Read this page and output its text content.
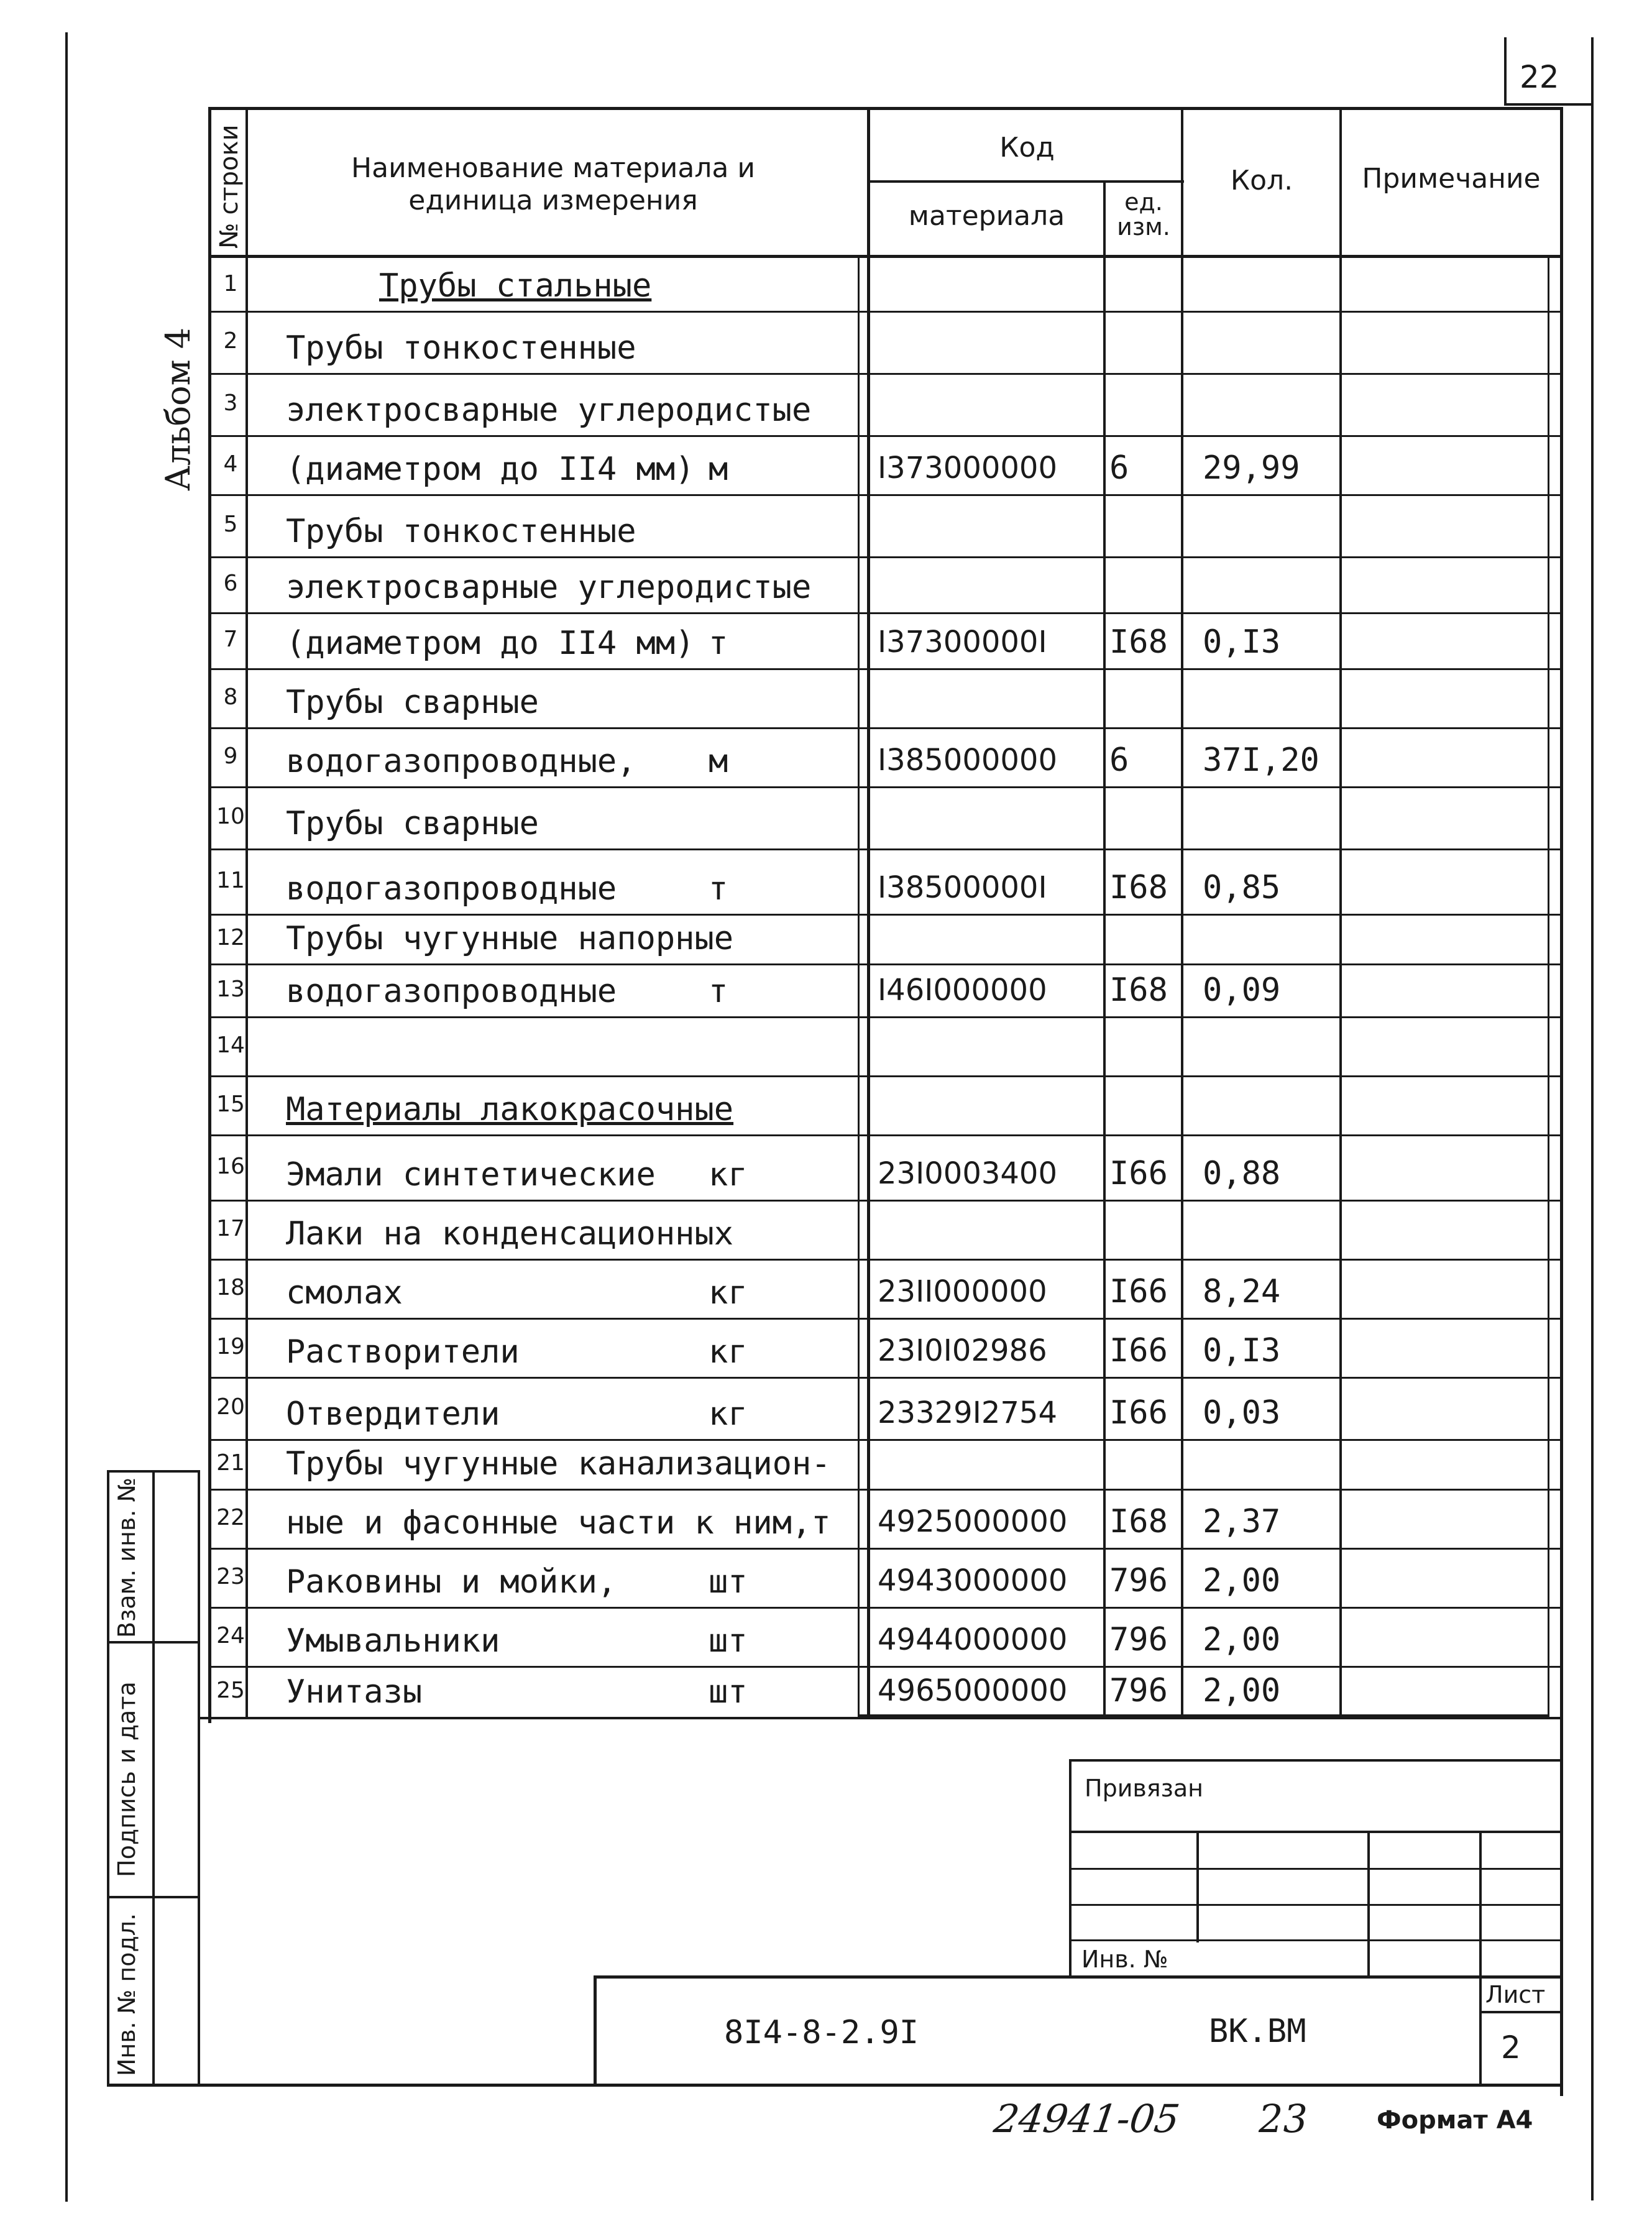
22
Альбом 4
№ строки	Наименование материала и единица измерения
Код
материала	ед. изм.
Кол.	Примечание
1	Трубы стальные
2 Трубы тонкостенные
3 электросварные углеродистые
4 (диаметром до II4 мм) м	I373000000 6 29,99
5 Трубы тонкостенные
6 электросварные углеродистые
7 (диаметром до II4 мм) т	I37300000I I68 0,I3
8 Трубы сварные
9 водогазопроводные, м	I385000000 6 37I,20
10 Трубы сварные
11 водогазопроводные	т	I38500000I I68 0,85
12 Трубы чугунные напорные
13 водогазопроводные	т	I46I000000 I68 0,09
14
15 Материалы лакокрасочные
16 Эмали синтетические кг	23I0003400 I66 0,88
17 Лаки на конденсационных
18 смолах	кг	23II000000 I66 8,24
19 Растворители	кг	23I0I02986 I66 0,I3
20 Отвердители	кг	23329I2754 I66 0,03
21 Трубы чугунные канализацион-
22 ные и фасонные части к ним,т 4925000000 I68 2,37
23 Раковины и мойки,	шт	4943000000 796 2,00
24 Умывальники	шт	4944000000 796 2,00
25 Унитазы	шт	4965000000 796 2,00
Взам. инв. №
Подпись и дата
Инв. № подл.
Привязан
Инв. №
8I4-8-2.9I	ВК.ВМ
Лист
2
24941-05 23	Формат А4
